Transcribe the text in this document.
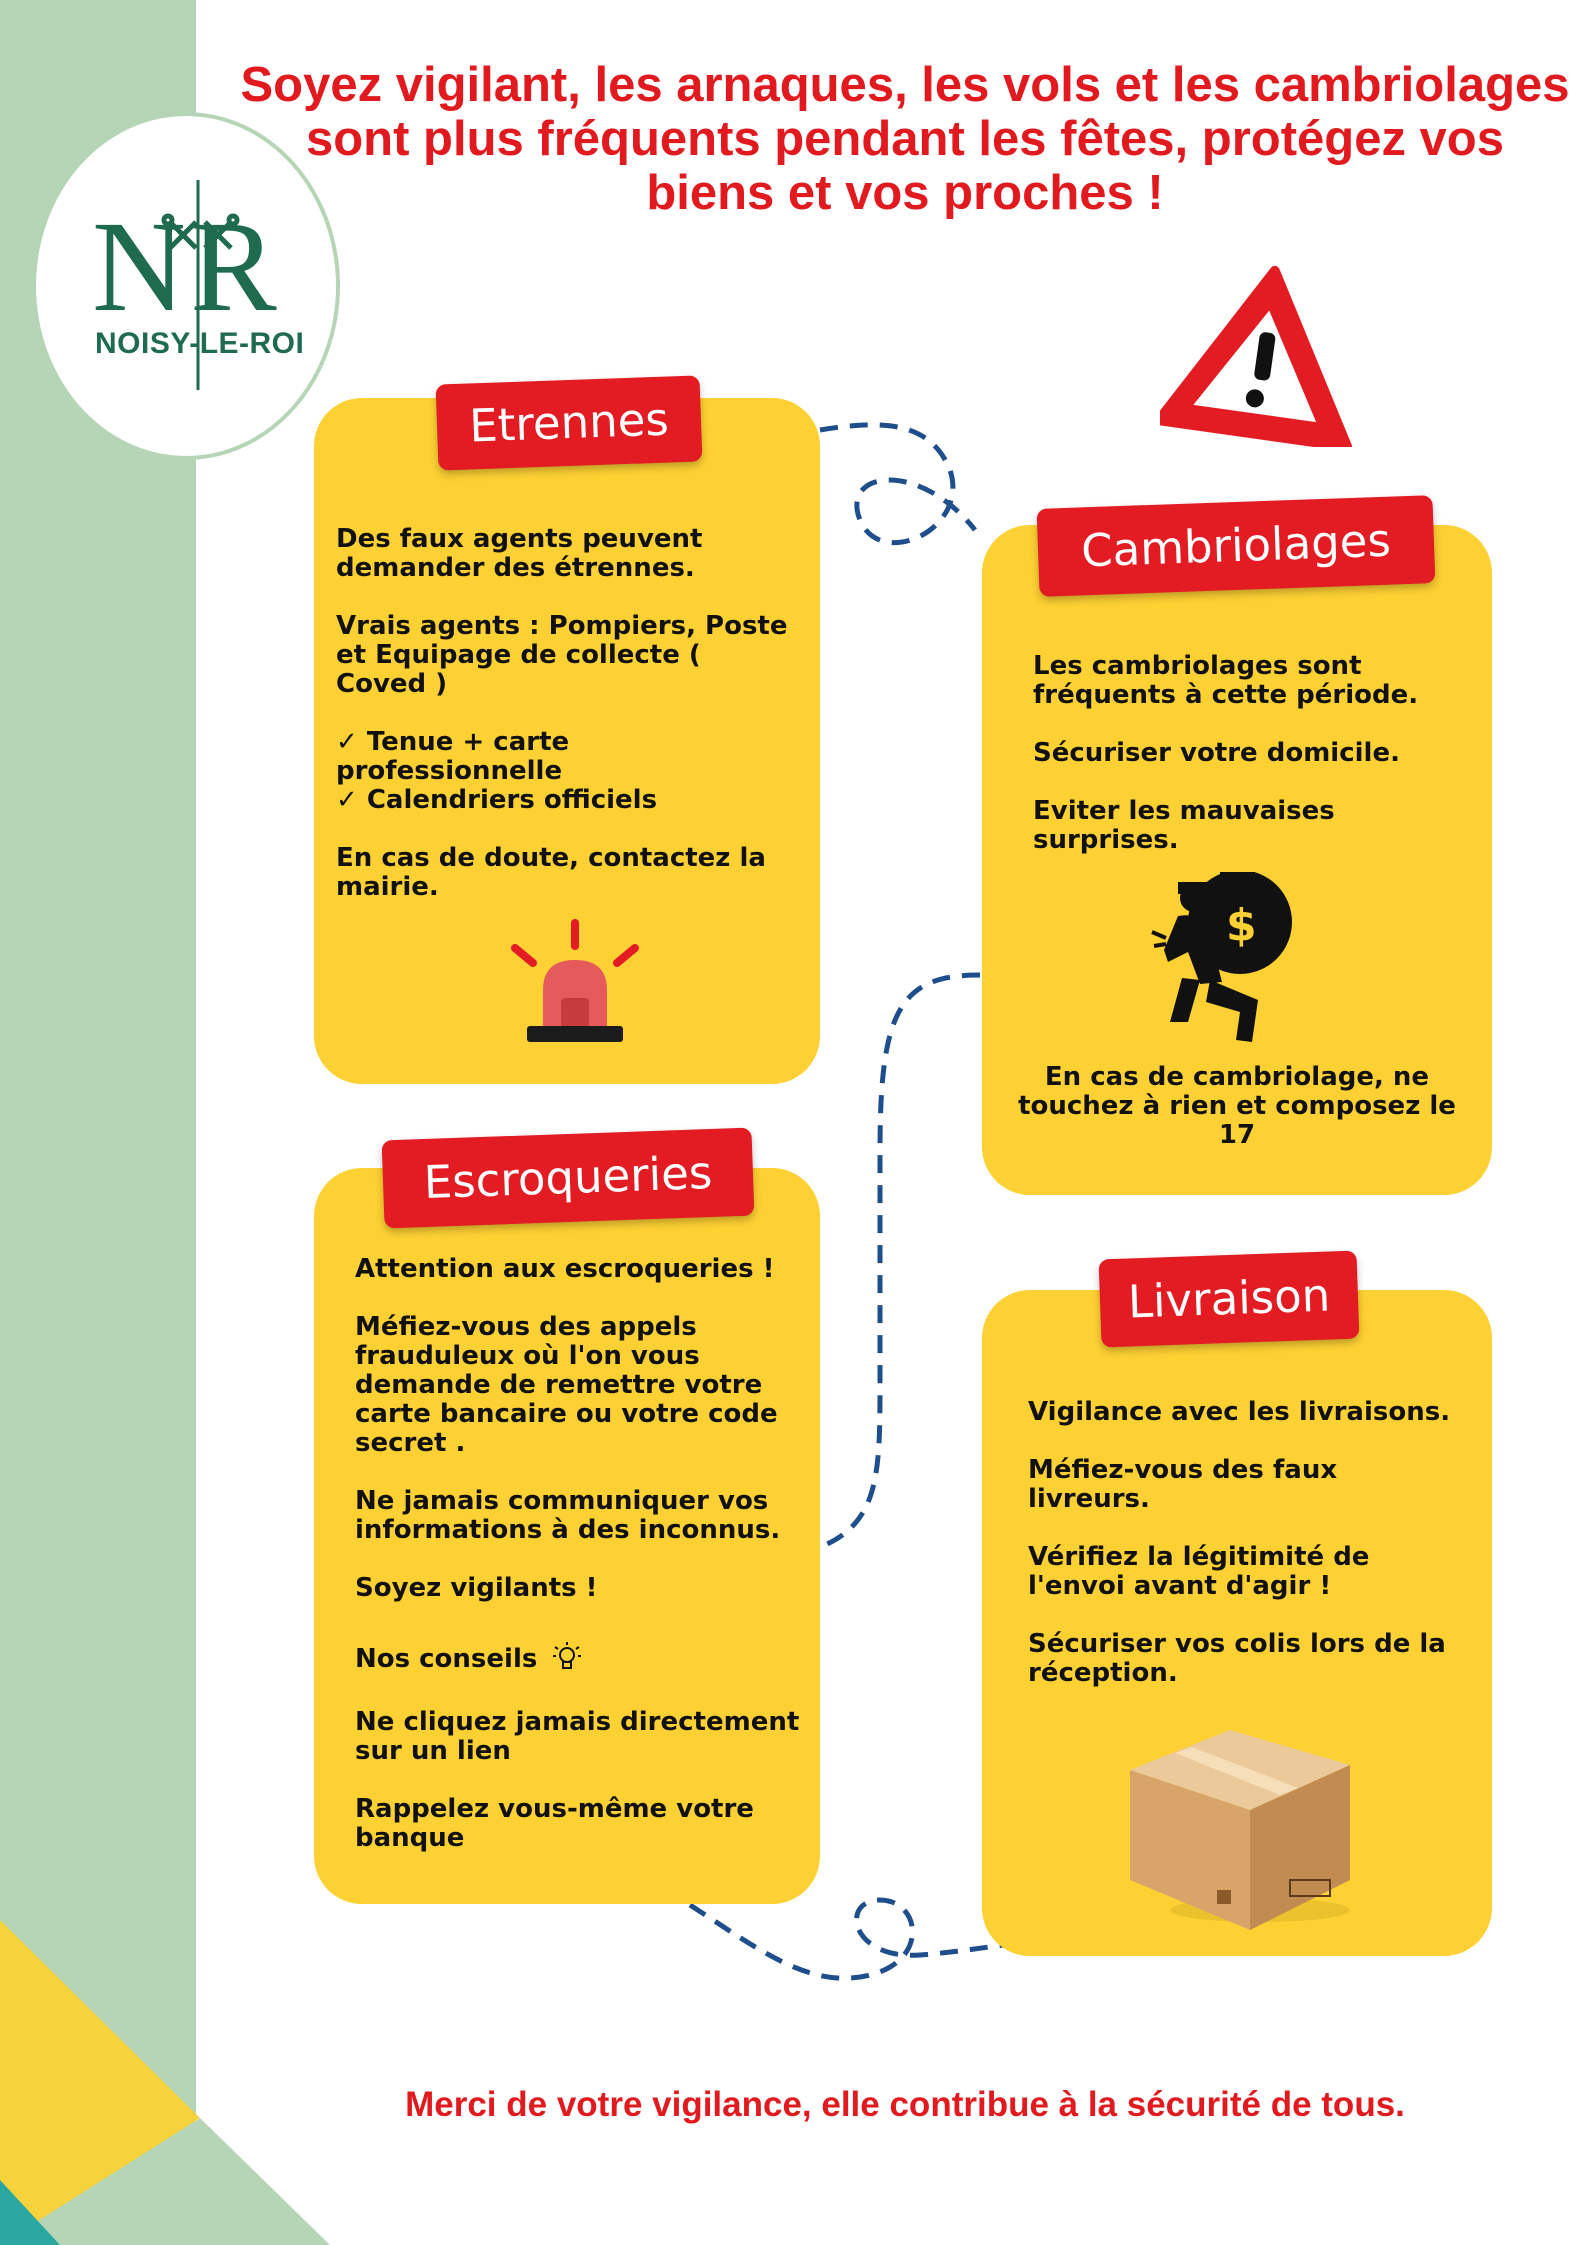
N R
NOISY-LE-ROI
Soyez vigilant, les arnaques, les vols et les cambriolages sont plus fréquents pendant les fêtes, protégez vos biens et vos proches !
Etrennes

Des faux agents peuvent demander des étrennes.

Vrais agents : Pompiers, Poste et Equipage de collecte ( Coved )

✓ Tenue + carte professionnelle

✓ Calendriers officiels

En cas de doute, contactez la mairie.

Cambriolages

Les cambriolages sont fréquents à cette période.

Sécuriser votre domicile.

Eviter les mauvaises surprises.

$
En cas de cambriolage, ne touchez à rien et composez le 17
Escroqueries

Attention aux escroqueries !

Méfiez-vous des appels frauduleux où l'on vous demande de remettre votre carte bancaire ou votre code secret .

Ne jamais communiquer vos informations à des inconnus.

Soyez vigilants !

Nos conseils

Ne cliquez jamais directement sur un lien

Rappelez vous-même votre banque

Livraison

Vigilance avec les livraisons.

Méfiez-vous des faux livreurs.

Vérifiez la légitimité de l'envoi avant d'agir !

Sécuriser vos colis lors de la réception.

Merci de votre vigilance, elle contribue à la sécurité de tous.
